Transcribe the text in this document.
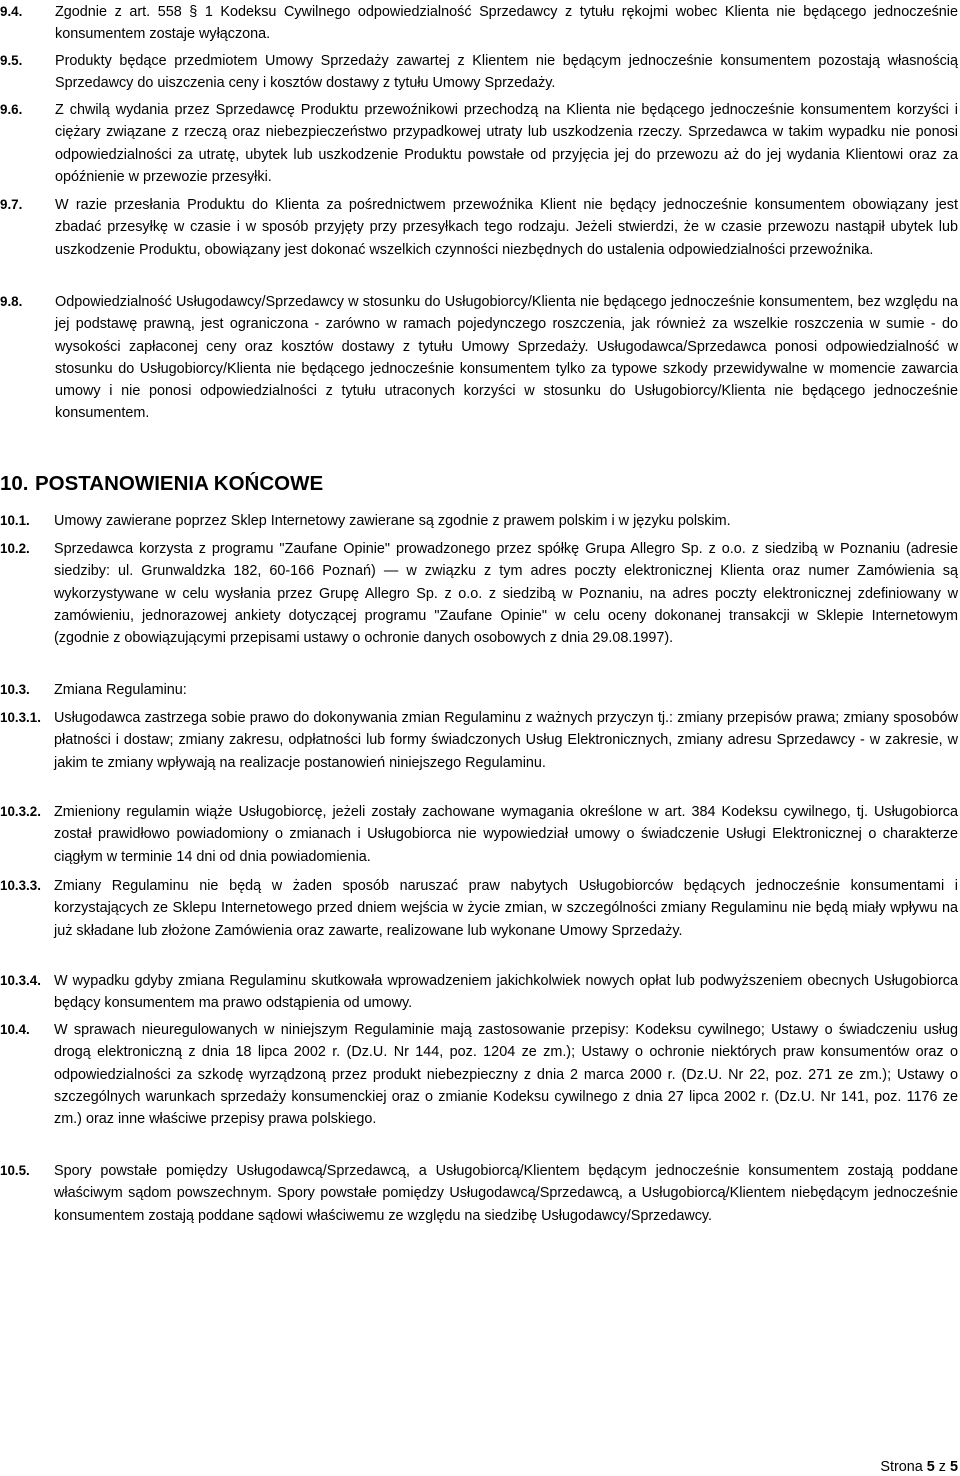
9.4. Zgodnie z art. 558 § 1 Kodeksu Cywilnego odpowiedzialność Sprzedawcy z tytułu rękojmi wobec Klienta nie będącego jednocześnie konsumentem zostaje wyłączona.
9.5. Produkty będące przedmiotem Umowy Sprzedaży zawartej z Klientem nie będącym jednocześnie konsumentem pozostają własnością Sprzedawcy do uiszczenia ceny i kosztów dostawy z tytułu Umowy Sprzedaży.
9.6. Z chwilą wydania przez Sprzedawcę Produktu przewoźnikowi przechodzą na Klienta nie będącego jednocześnie konsumentem korzyści i ciężary związane z rzeczą oraz niebezpieczeństwo przypadkowej utraty lub uszkodzenia rzeczy. Sprzedawca w takim wypadku nie ponosi odpowiedzialności za utratę, ubytek lub uszkodzenie Produktu powstałe od przyjęcia jej do przewozu aż do jej wydania Klientowi oraz za opóźnienie w przewozie przesyłki.
9.7. W razie przesłania Produktu do Klienta za pośrednictwem przewoźnika Klient nie będący jednocześnie konsumentem obowiązany jest zbadać przesyłkę w czasie i w sposób przyjęty przy przesyłkach tego rodzaju. Jeżeli stwierdzi, że w czasie przewozu nastąpił ubytek lub uszkodzenie Produktu, obowiązany jest dokonać wszelkich czynności niezbędnych do ustalenia odpowiedzialności przewoźnika.
9.8. Odpowiedzialność Usługodawcy/Sprzedawcy w stosunku do Usługobiorcy/Klienta nie będącego jednocześnie konsumentem, bez względu na jej podstawę prawną, jest ograniczona - zarówno w ramach pojedynczego roszczenia, jak również za wszelkie roszczenia w sumie - do wysokości zapłaconej ceny oraz kosztów dostawy z tytułu Umowy Sprzedaży. Usługodawca/Sprzedawca ponosi odpowiedzialność w stosunku do Usługobiorcy/Klienta nie będącego jednocześnie konsumentem tylko za typowe szkody przewidywalne w momencie zawarcia umowy i nie ponosi odpowiedzialności z tytułu utraconych korzyści w stosunku do Usługobiorcy/Klienta nie będącego jednocześnie konsumentem.
10. POSTANOWIENIA KOŃCOWE
10.1. Umowy zawierane poprzez Sklep Internetowy zawierane są zgodnie z prawem polskim i w języku polskim.
10.2. Sprzedawca korzysta z programu "Zaufane Opinie" prowadzonego przez spółkę Grupa Allegro Sp. z o.o. z siedzibą w Poznaniu (adresie siedziby: ul. Grunwaldzka 182, 60-166 Poznań) — w związku z tym adres poczty elektronicznej Klienta oraz numer Zamówienia są wykorzystywane w celu wysłania przez Grupę Allegro Sp. z o.o. z siedzibą w Poznaniu, na adres poczty elektronicznej zdefiniowany w zamówieniu, jednorazowej ankiety dotyczącej programu "Zaufane Opinie" w celu oceny dokonanej transakcji w Sklepie Internetowym (zgodnie z obowiązującymi przepisami ustawy o ochronie danych osobowych z dnia 29.08.1997).
10.3. Zmiana Regulaminu:
10.3.1. Usługodawca zastrzega sobie prawo do dokonywania zmian Regulaminu z ważnych przyczyn tj.: zmiany przepisów prawa; zmiany sposobów płatności i dostaw; zmiany zakresu, odpłatności lub formy świadczonych Usług Elektronicznych, zmiany adresu Sprzedawcy - w zakresie, w jakim te zmiany wpływają na realizacje postanowień niniejszego Regulaminu.
10.3.2. Zmieniony regulamin wiąże Usługobiorcę, jeżeli zostały zachowane wymagania określone w art. 384 Kodeksu cywilnego, tj. Usługobiorca został prawidłowo powiadomiony o zmianach i Usługobiorca nie wypowiedział umowy o świadczenie Usługi Elektronicznej o charakterze ciągłym w terminie 14 dni od dnia powiadomienia.
10.3.3. Zmiany Regulaminu nie będą w żaden sposób naruszać praw nabytych Usługobiorców będących jednocześnie konsumentami i korzystających ze Sklepu Internetowego przed dniem wejścia w życie zmian, w szczególności zmiany Regulaminu nie będą miały wpływu na już składane lub złożone Zamówienia oraz zawarte, realizowane lub wykonane Umowy Sprzedaży.
10.3.4. W wypadku gdyby zmiana Regulaminu skutkowała wprowadzeniem jakichkolwiek nowych opłat lub podwyższeniem obecnych Usługobiorca będący konsumentem ma prawo odstąpienia od umowy.
10.4. W sprawach nieuregulowanych w niniejszym Regulaminie mają zastosowanie przepisy: Kodeksu cywilnego; Ustawy o świadczeniu usług drogą elektroniczną z dnia 18 lipca 2002 r. (Dz.U. Nr 144, poz. 1204 ze zm.); Ustawy o ochronie niektórych praw konsumentów oraz o odpowiedzialności za szkodę wyrządzoną przez produkt niebezpieczny z dnia 2 marca 2000 r. (Dz.U. Nr 22, poz. 271 ze zm.); Ustawy o szczególnych warunkach sprzedaży konsumenckiej oraz o zmianie Kodeksu cywilnego z dnia 27 lipca 2002 r. (Dz.U. Nr 141, poz. 1176 ze zm.) oraz inne właściwe przepisy prawa polskiego.
10.5. Spory powstałe pomiędzy Usługodawcą/Sprzedawcą, a Usługobiorcą/Klientem będącym jednocześnie konsumentem zostają poddane właściwym sądom powszechnym. Spory powstałe pomiędzy Usługodawcą/Sprzedawcą, a Usługobiorcą/Klientem niebędącym jednocześnie konsumentem zostają poddane sądowi właściwemu ze względu na siedzibę Usługodawcy/Sprzedawcy.
Strona 5 z 5
